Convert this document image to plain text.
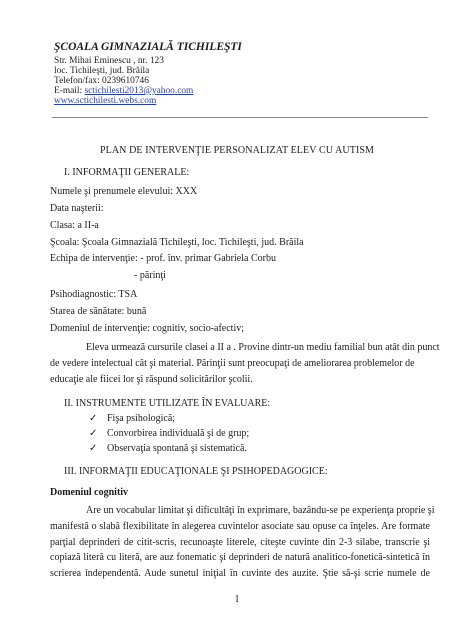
ŞCOALA GIMNAZIALĂ TICHILEŞTI
Str. Mihai Eminescu , nr. 123
loc. Tichileşti, jud. Brăila
Telefon/fax: 0239610746
E-mail: sctichilesti2013@yahoo.com
www.sctichilesti.webs.com
PLAN DE INTERVENŢIE PERSONALIZAT ELEV CU AUTISM
I. INFORMAŢII GENERALE:
Numele şi prenumele elevului: XXX
Data naşterii:
Clasa: a II-a
Şcoala: Şcoala Gimnazială Tichileşti, loc. Tichileşti, jud. Brăila
Echipa de intervenţie: - prof. înv. primar Gabriela Corbu
- părinţi
Psihodiagnostic: TSA
Starea de sănătate: bună
Domeniul de intervenţie: cognitiv, socio-afectiv;
Eleva urmează cursurile clasei a II a . Provine dintr-un mediu familial bun atât din punct
de vedere intelectual cât şi material. Părinţii sunt preocupaţi de ameliorarea problemelor de
educaţie ale fiicei lor şi răspund solicitărilor şcolii.
II. INSTRUMENTE UTILIZATE ÎN EVALUARE:
✓ Fişa psihologică;
✓ Convorbirea individuală şi de grup;
✓ Observaţia spontană şi sistematică.
III. INFORMAŢII EDUCAŢIONALE ŞI PSIHOPEDAGOGICE:
Domeniul cognitiv
Are un vocabular limitat şi dificultăţi în exprimare, bazându-se pe experienţa proprie şi
manifestă o slabă flexibilitate în alegerea cuvintelor asociate sau opuse ca înţeles. Are formate
parţial deprinderi de citit-scris, recunoaşte literele, citeşte cuvinte din 2-3 silabe, transcrie şi
copiază literă cu literă, are auz fonematic şi deprinderi de natură analitico-fonetică-sintetică în
scrierea independentă. Aude sunetul iniţial în cuvinte des auzite. Ştie să-şi scrie numele de
1
